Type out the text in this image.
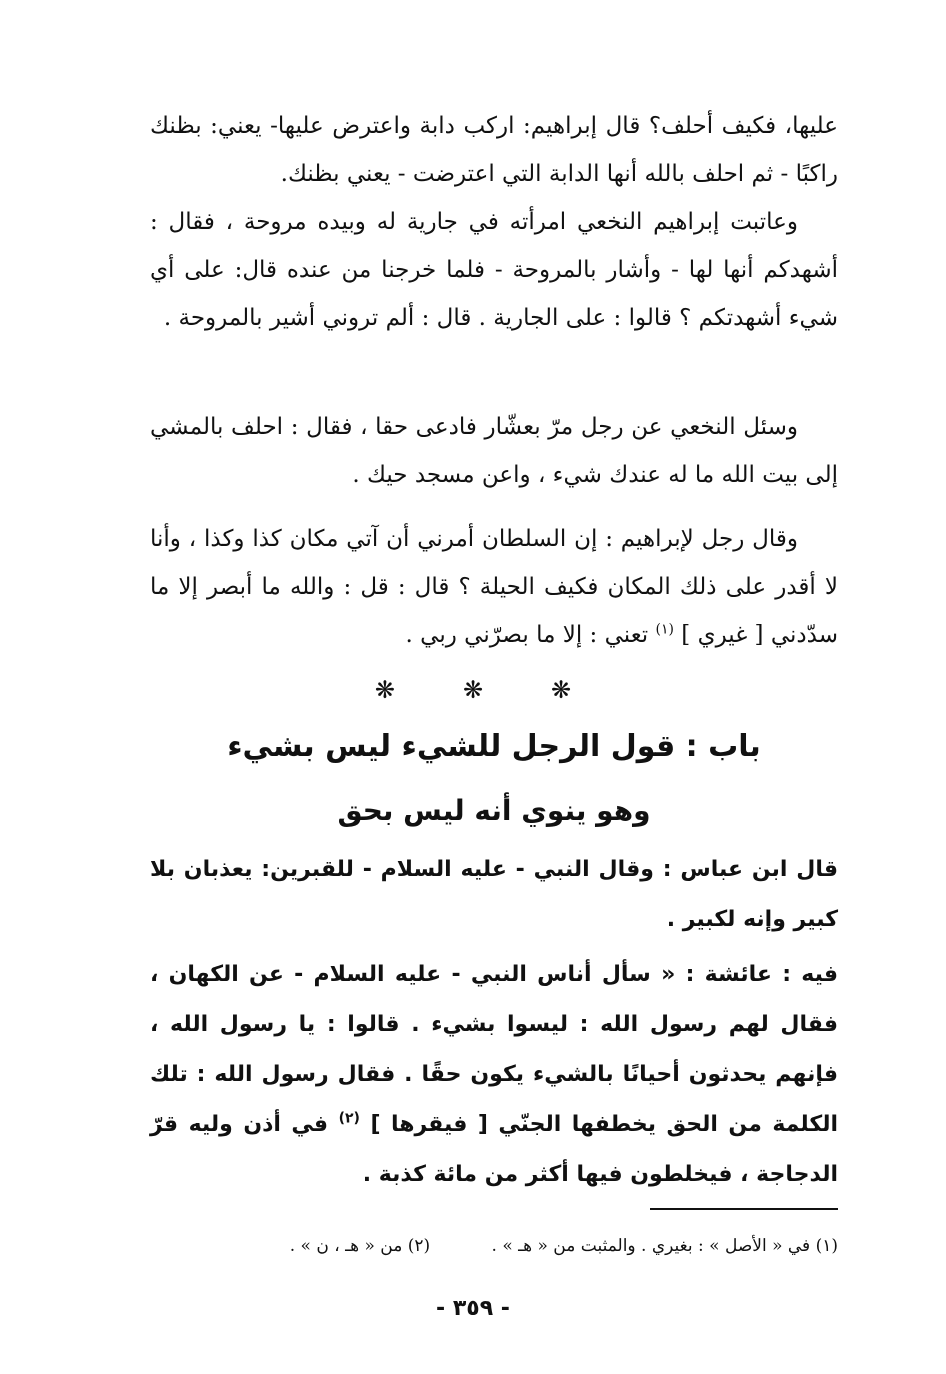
عليها، فكيف أحلف؟ قال إبراهيم: اركب دابة واعترض عليها- يعني: بظنك راكبًا - ثم احلف بالله أنها الدابة التي اعترضت - يعني بظنك.

وعاتبت إبراهيم النخعي امرأته في جارية له وبيده مروحة ، فقال : أشهدكم أنها لها - وأشار بالمروحة - فلما خرجنا من عنده قال: على أي شيء أشهدتكم ؟ قالوا : على الجارية . قال : ألم تروني أشير بالمروحة .

وسئل النخعي عن رجل مرّ بعشّار فادعى حقا ، فقال : احلف بالمشي إلى بيت الله ما له عندك شيء ، واعن مسجد حيك .

وقال رجل لإبراهيم : إن السلطان أمرني أن آتي مكان كذا وكذا ، وأنا لا أقدر على ذلك المكان فكيف الحيلة ؟ قال : قل : والله ما أبصر إلا ما سدّدني [ غيري ] $^{(١)}$ تعني : إلا ما بصرّني ربي .

❋	❋	❋
باب : قول الرجل للشيء ليس بشيء
وهو ينوي أنه ليس بحق

قال ابن عباس : وقال النبي - عليه السلام - للقبرين: يعذبان بلا كبير وإنه لكبير .

فيه : عائشة : « سأل أناس النبي - عليه السلام - عن الكهان ، فقال لهم رسول الله : ليسوا بشيء . قالوا : يا رسول الله ، فإنهم يحدثون أحيانًا بالشيء يكون حقًا . فقال رسول الله : تلك الكلمة من الحق يخطفها الجنّي [ فيقرها ] $^{(٢)}$ في أذن وليه قرّ الدجاجة ، فيخلطون فيها أكثر من مائة كذبة .

(١) في « الأصل » : بغيري . والمثبت من « هـ » . (٢) من « هـ ، ن » .
- ٣٥٩ -
